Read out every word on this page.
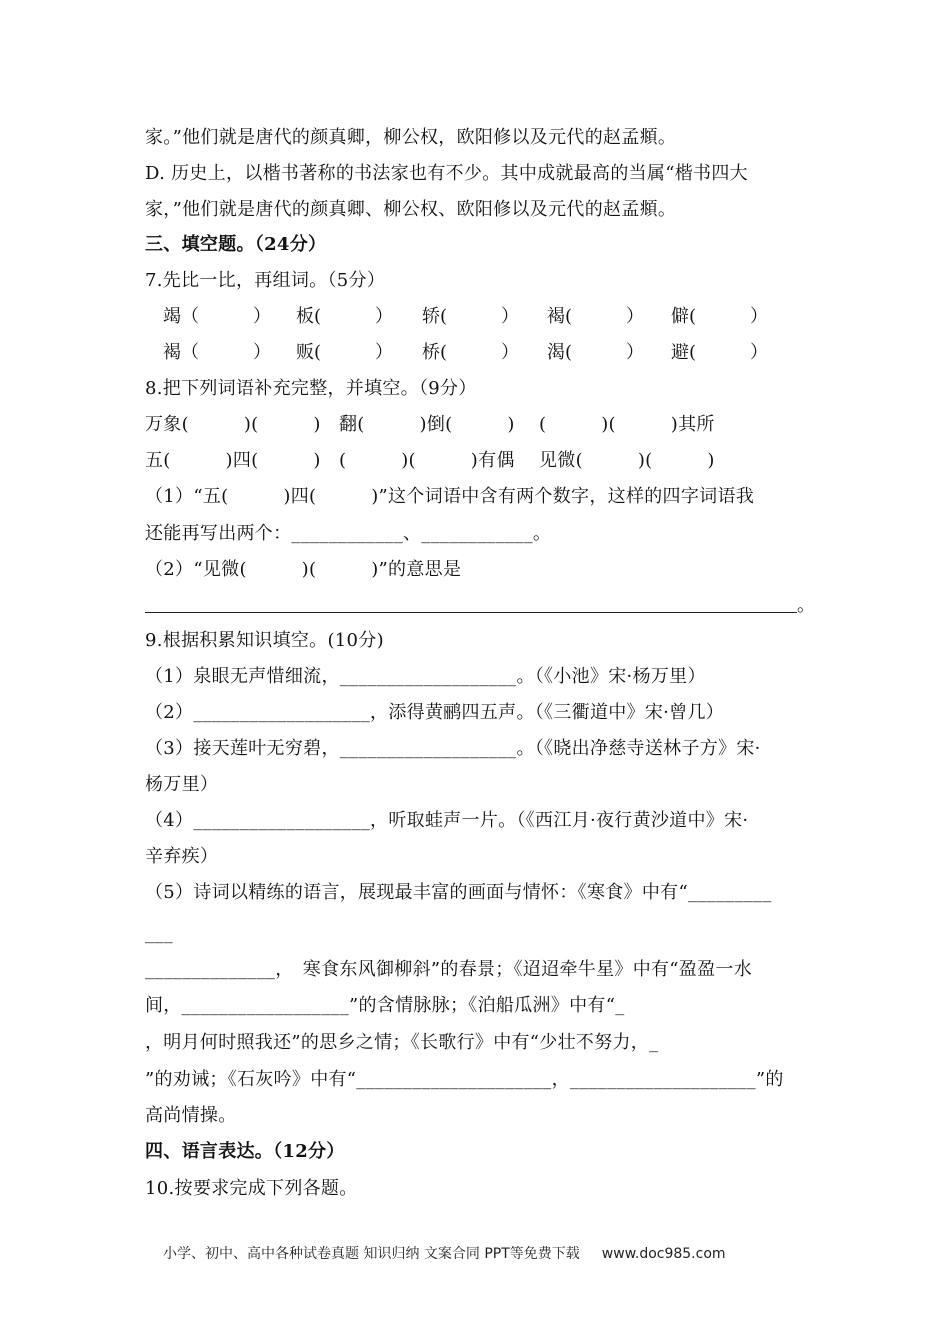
家。”他们就是唐代的颜真卿，柳公权，欧阳修以及元代的赵孟頫。
D. 历史上，以楷书著称的书法家也有不少。其中成就最高的当属“楷书四大
家，”他们就是唐代的颜真卿、柳公权、欧阳修以及元代的赵孟頫。
三、填空题。（24分）
7.先比一比，再组词。（5分）
竭（　　　） 板(　　　） 轿(　　　） 褐(　　　） 僻(　　　）
褐（　　　） 贩(　　　） 桥(　　　） 渴(　　　） 避(　　　）
8.把下列词语补充完整，并填空。（9分）
万象(　　　)(　　　)　翻(　　　)倒(　　　)　 (　　　)(　　　)其所
五(　　　)四(　　　)　(　　　)(　　　)有偶　 见微(　　　)(　　　)
（1）“五(　　　)四(　　　)”这个词语中含有两个数字，这样的四字词语我
还能再写出两个：____________、____________。
（2）“见微(　　　)(　　　)”的意思是
。
9.根据积累知识填空。(10分)
（1）泉眼无声惜细流，___________________。（《小池》宋·杨万里）
（2）___________________，添得黄鹂四五声。（《三衢道中》宋·曾几）
（3）接天莲叶无穷碧，___________________。（《晓出净慈寺送林子方》宋·
杨万里）
（4）___________________，听取蛙声一片。（《西江月·夜行黄沙道中》宋·
辛弃疾）
（5）诗词以精练的语言，展现最丰富的画面与情怀：《寒食》中有“_________
___
______________，　寒食东风御柳斜”的春景；《迢迢牵牛星》中有“盈盈一水
间，__________________”的含情脉脉；《泊船瓜洲》中有“_
，明月何时照我还”的思乡之情；《长歌行》中有“少壮不努力，_
”的劝诫；《石灰吟》中有“_____________________，____________________”的
高尚情操。
四、语言表达。（12分）
10.按要求完成下列各题。
小学、初中、高中各种试卷真题 知识归纳 文案合同 PPT等免费下载 www.doc985.com
